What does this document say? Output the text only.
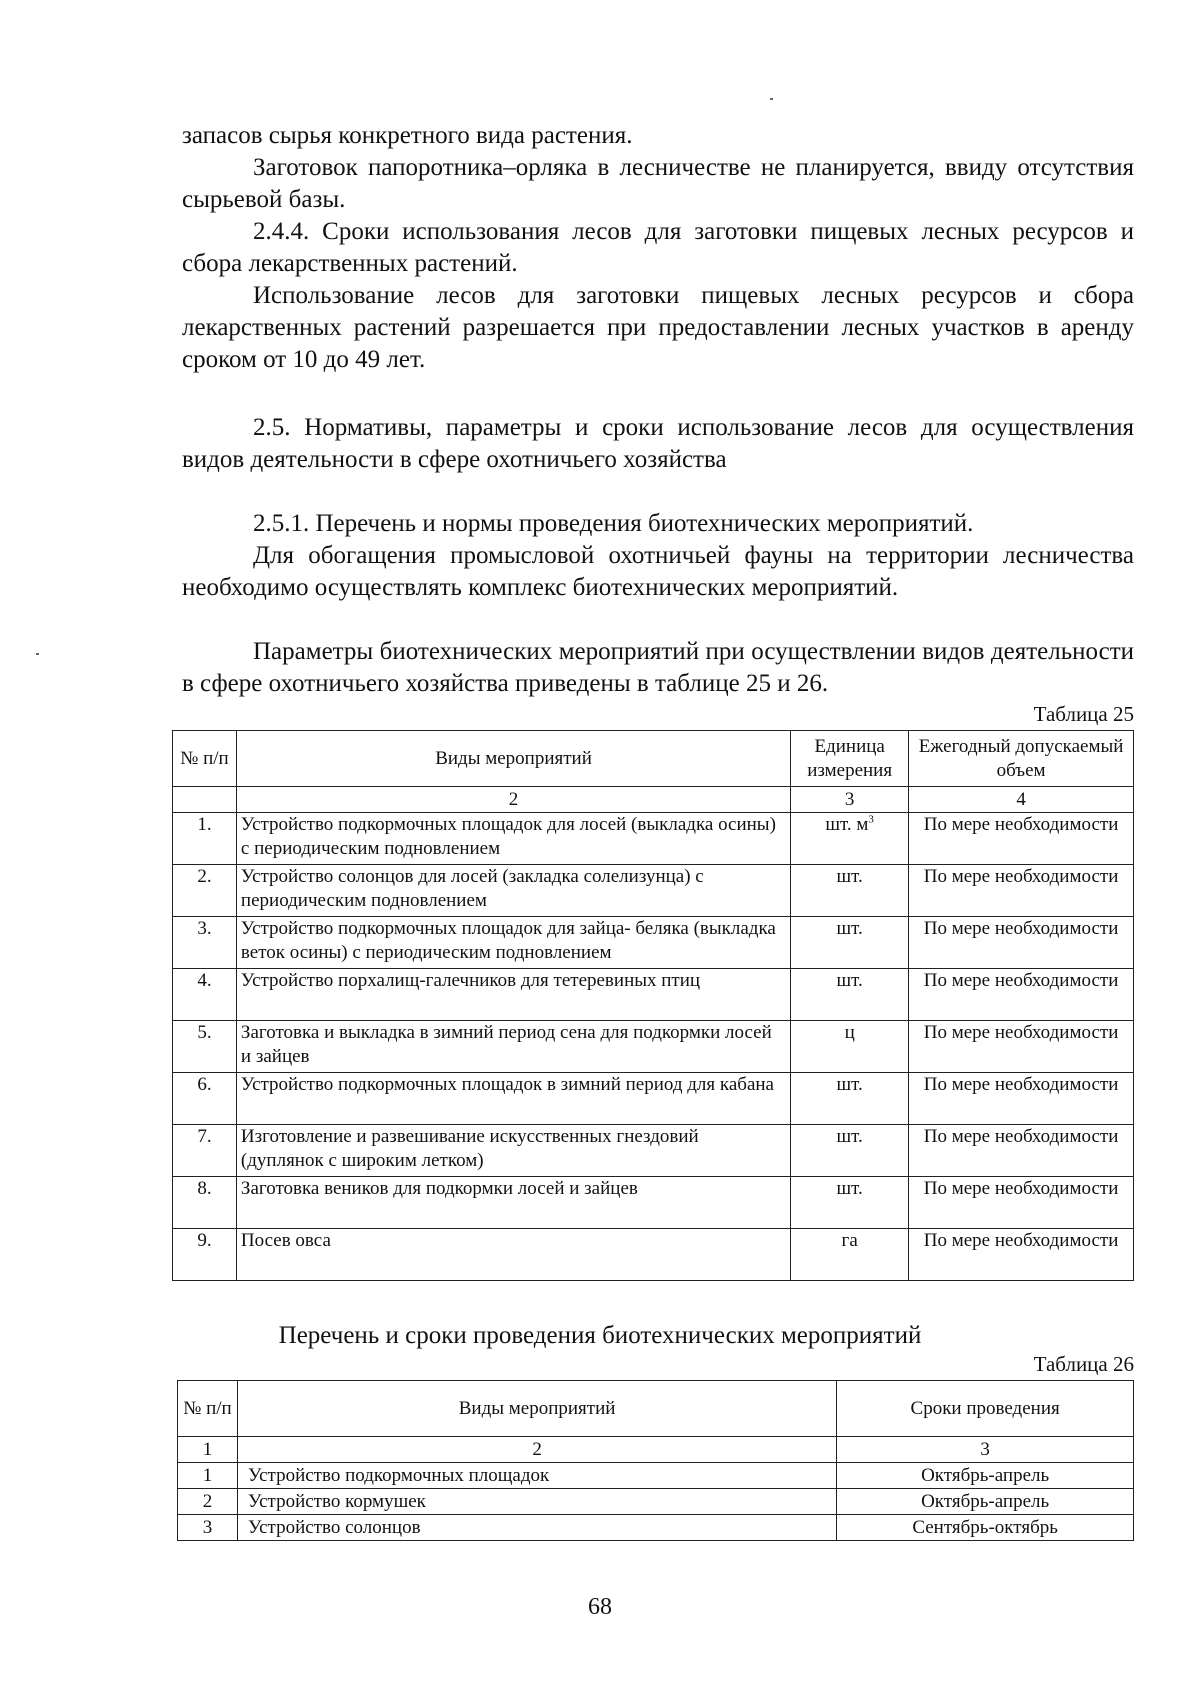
запасов сырья конкретного вида растения.

Заготовок папоротника–орляка в лесничестве не планируется, ввиду отсутствия сырьевой базы.

2.4.4. Сроки использования лесов для заготовки пищевых лесных ресурсов и сбора лекарственных растений.

Использование лесов для заготовки пищевых лесных ресурсов и сбора лекарственных растений разрешается при предоставлении лесных участков в аренду сроком от 10 до 49 лет.

2.5. Нормативы, параметры и сроки использование лесов для осуществления видов деятельности в сфере охотничьего хозяйства

2.5.1. Перечень и нормы проведения биотехнических мероприятий.

Для обогащения промысловой охотничьей фауны на территории лесничества необходимо осуществлять комплекс биотехнических мероприятий.

Параметры биотехнических мероприятий при осуществлении видов деятельности в сфере охотничьего хозяйства приведены в таблице 25 и 26.

Таблица 25
№ п/п	Виды мероприятий	Единица измерения	Ежегодный допускаемый объем
	2	3	4
1.	Устройство подкормочных площадок для лосей (выкладка осины) с периодическим подновлением	шт. $м^3$	По мере необходимости
2.	Устройство солонцов для лосей (закладка солелизунца) с периодическим подновлением	шт.	По мере необходимости
3.	Устройство подкормочных площадок для зайца- беляка (выкладка веток осины) с периодическим подновлением	шт.	По мере необходимости
4.	Устройство порхалищ-галечников для тетеревиных птиц	шт.	По мере необходимости
5.	Заготовка и выкладка в зимний период сена для подкормки лосей и зайцев	ц	По мере необходимости
6.	Устройство подкормочных площадок в зимний период для кабана	шт.	По мере необходимости
7.	Изготовление и развешивание искусственных гнездовий (дуплянок с широким летком)	шт.	По мере необходимости
8.	Заготовка веников для подкормки лосей и зайцев	шт.	По мере необходимости
9.	Посев овса	га	По мере необходимости
Перечень и сроки проведения биотехнических мероприятий
Таблица 26
№ п/п	Виды мероприятий	Сроки проведения
1	2	3
1	Устройство подкормочных площадок	Октябрь-апрель
2	Устройство кормушек	Октябрь-апрель
3	Устройство солонцов	Сентябрь-октябрь
68
